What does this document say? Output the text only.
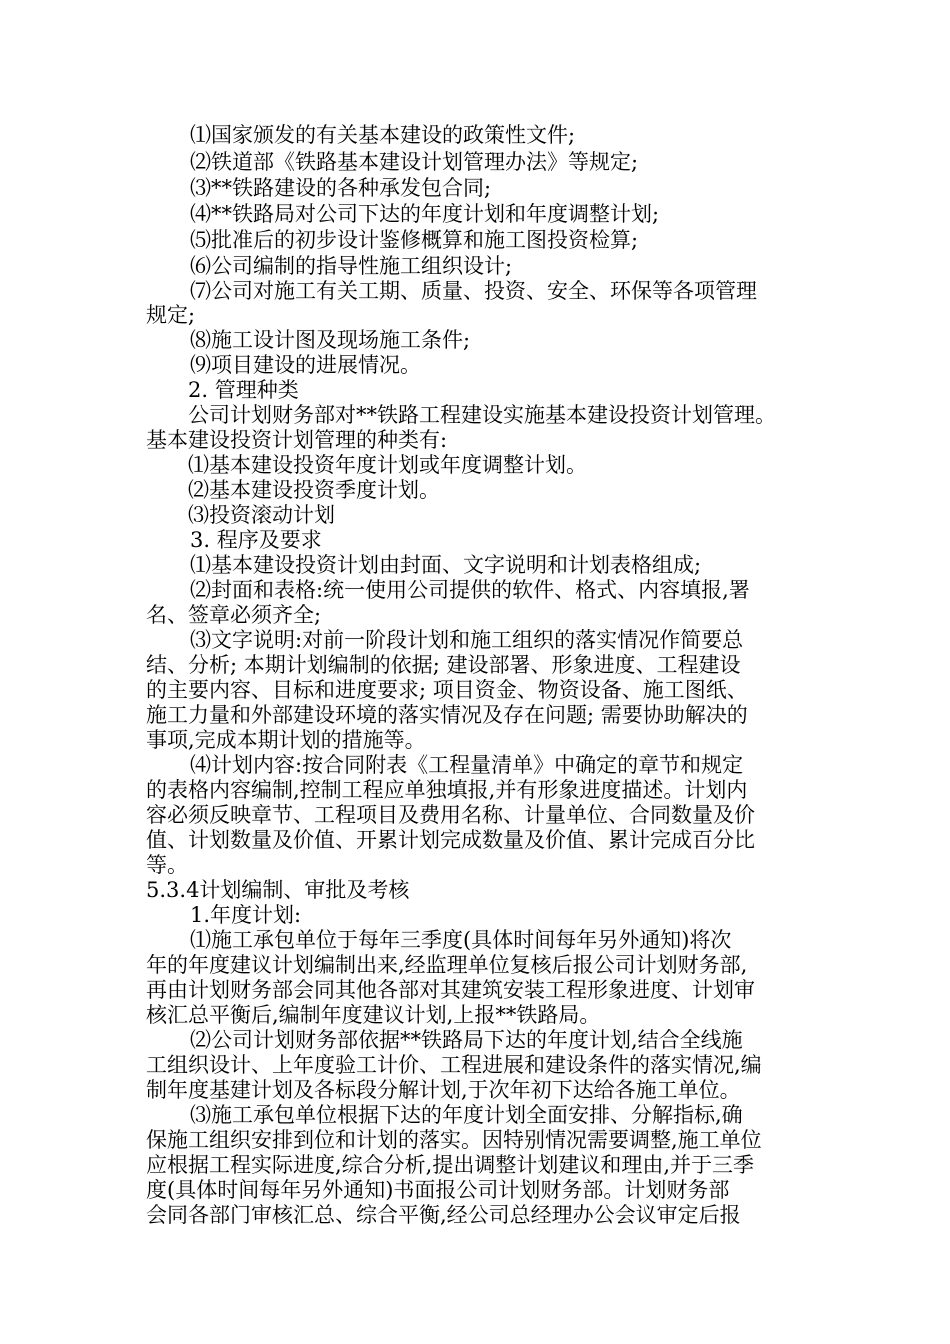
⑴国家颁发的有关基本建设的政策性文件;
⑵铁道部《铁路基本建设计划管理办法》等规定;
⑶**铁路建设的各种承发包合同;
⑷**铁路局对公司下达的年度计划和年度调整计划;
⑸批准后的初步设计鉴修概算和施工图投资检算;
⑹公司编制的指导性施工组织设计;
⑺公司对施工有关工期、质量、投资、安全、环保等各项管理
规定;
⑻施工设计图及现场施工条件;
⑼项目建设的进展情况。
2. 管理种类
公司计划财务部对**铁路工程建设实施基本建设投资计划管理。
基本建设投资计划管理的种类有:
⑴基本建设投资年度计划或年度调整计划。
⑵基本建设投资季度计划。
⑶投资滚动计划
3. 程序及要求
⑴基本建设投资计划由封面、文字说明和计划表格组成;
⑵封面和表格:统一使用公司提供的软件、格式、内容填报,署
名、签章必须齐全;
⑶文字说明:对前一阶段计划和施工组织的落实情况作简要总
结、分析; 本期计划编制的依据; 建设部署、形象进度、工程建设
的主要内容、目标和进度要求; 项目资金、物资设备、施工图纸、
施工力量和外部建设环境的落实情况及存在问题; 需要协助解决的
事项,完成本期计划的措施等。
⑷计划内容:按合同附表《工程量清单》中确定的章节和规定
的表格内容编制,控制工程应单独填报,并有形象进度描述。计划内
容必须反映章节、工程项目及费用名称、计量单位、合同数量及价
值、计划数量及价值、开累计划完成数量及价值、累计完成百分比
等。
5.3.4计划编制、审批及考核
1.年度计划:
⑴施工承包单位于每年三季度(具体时间每年另外通知)将次
年的年度建议计划编制出来,经监理单位复核后报公司计划财务部,
再由计划财务部会同其他各部对其建筑安装工程形象进度、计划审
核汇总平衡后,编制年度建议计划,上报**铁路局。
⑵公司计划财务部依据**铁路局下达的年度计划,结合全线施
工组织设计、上年度验工计价、工程进展和建设条件的落实情况,编
制年度基建计划及各标段分解计划,于次年初下达给各施工单位。
⑶施工承包单位根据下达的年度计划全面安排、分解指标,确
保施工组织安排到位和计划的落实。因特别情况需要调整,施工单位
应根据工程实际进度,综合分析,提出调整计划建议和理由,并于三季
度(具体时间每年另外通知)书面报公司计划财务部。计划财务部
会同各部门审核汇总、综合平衡,经公司总经理办公会议审定后报
